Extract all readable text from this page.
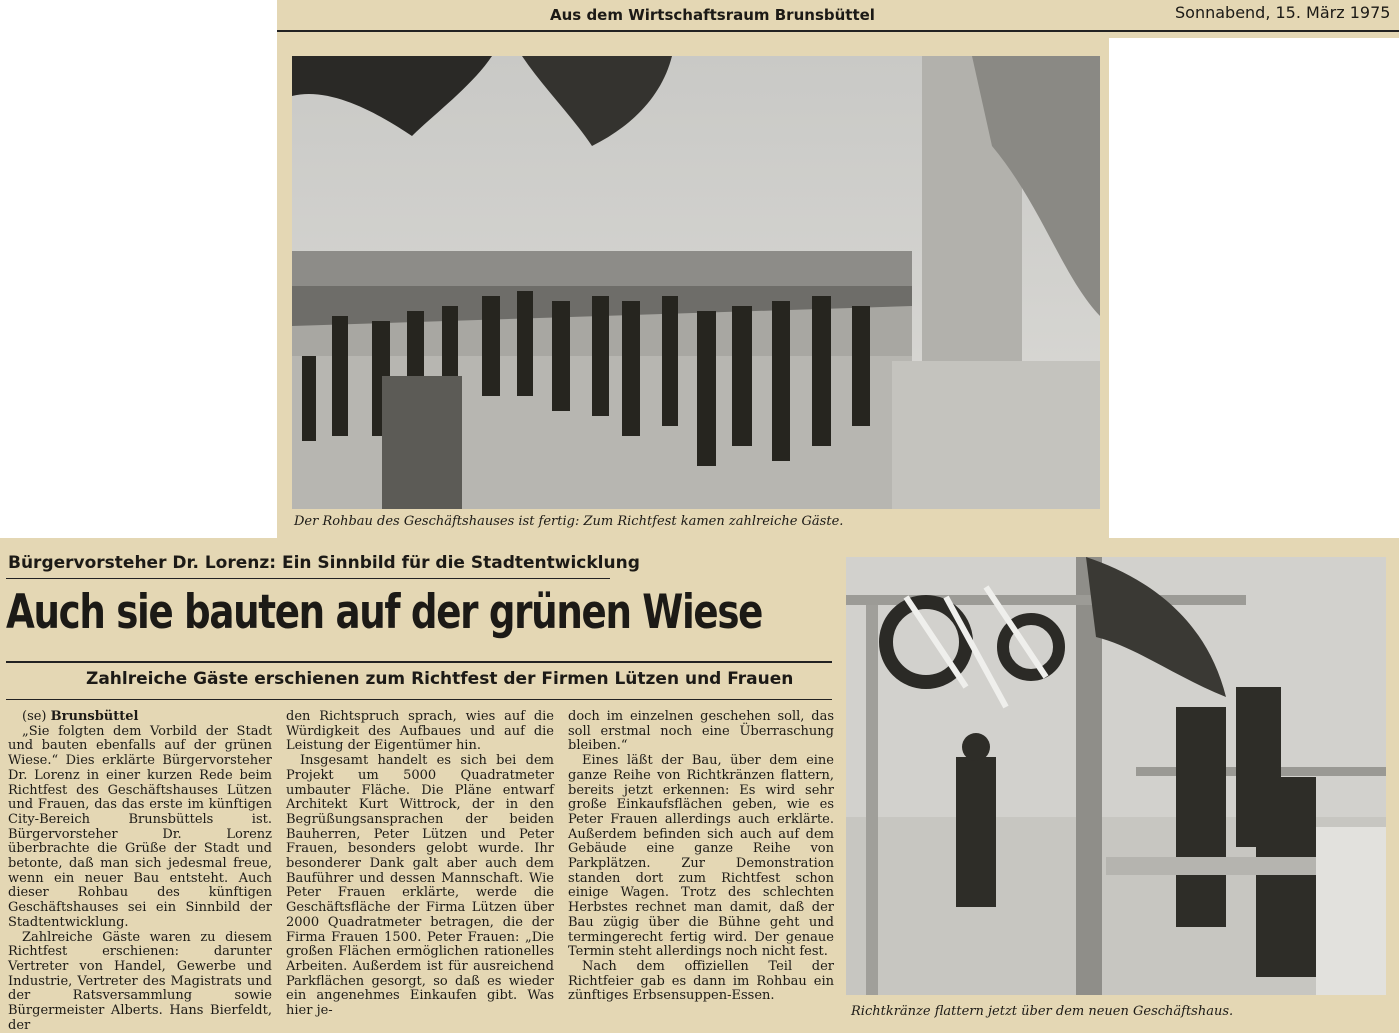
Aus dem Wirtschaftsraum Brunsbüttel	Sonnabend, 15. März 1975
Der Rohbau des Geschäftshauses ist fertig: Zum Richtfest kamen zahlreiche Gäste.
Bürgervorsteher Dr. Lorenz: Ein Sinnbild für die Stadtentwicklung
Auch sie bauten auf der grünen Wiese
Zahlreiche Gäste erschienen zum Richtfest der Firmen Lützen und Frauen

(se) Brunsbüttel

„Sie folgten dem Vorbild der Stadt und bauten ebenfalls auf der grünen Wiese.“ Dies erklärte Bürgervorsteher Dr. Lorenz in einer kurzen Rede beim Richtfest des Geschäftshauses Lützen und Frauen, das das erste im künftigen City-Bereich Brunsbüttels ist. Bürgervorsteher Dr. Lorenz überbrachte die Grüße der Stadt und betonte, daß man sich jedesmal freue, wenn ein neuer Bau entsteht. Auch dieser Rohbau des künftigen Geschäftshauses sei ein Sinnbild der Stadtentwicklung.

Zahlreiche Gäste waren zu diesem Richtfest erschienen: darunter Vertreter von Handel, Gewerbe und Industrie, Vertreter des Magistrats und der Ratsversammlung sowie Bürgermeister Alberts. Hans Bierfeldt, der

den Richtspruch sprach, wies auf die Würdigkeit des Aufbaues und auf die Leistung der Eigentümer hin.

Insgesamt handelt es sich bei dem Projekt um 5000 Quadratmeter umbauter Fläche. Die Pläne entwarf Architekt Kurt Wittrock, der in den Begrüßungsansprachen der beiden Bauherren, Peter Lützen und Peter Frauen, besonders gelobt wurde. Ihr besonderer Dank galt aber auch dem Bauführer und dessen Mannschaft. Wie Peter Frauen erklärte, werde die Geschäftsfläche der Firma Lützen über 2000 Quadratmeter betragen, die der Firma Frauen 1500. Peter Frauen: „Die großen Flächen ermöglichen rationelles Arbeiten. Außerdem ist für ausreichend Parkflächen gesorgt, so daß es wieder ein angenehmes Einkaufen gibt. Was hier je-

doch im einzelnen geschehen soll, das soll erstmal noch eine Überraschung bleiben.“

Eines läßt der Bau, über dem eine ganze Reihe von Richtkränzen flattern, bereits jetzt erkennen: Es wird sehr große Einkaufsflächen geben, wie es Peter Frauen allerdings auch erklärte. Außerdem befinden sich auch auf dem Gebäude eine ganze Reihe von Parkplätzen. Zur Demonstration standen dort zum Richtfest schon einige Wagen. Trotz des schlechten Herbstes rechnet man damit, daß der Bau zügig über die Bühne geht und termingerecht fertig wird. Der genaue Termin steht allerdings noch nicht fest.

Nach dem offiziellen Teil der Richtfeier gab es dann im Rohbau ein zünftiges Erbsensuppen-Essen.

Richtkränze flattern jetzt über dem neuen Geschäftshaus.
